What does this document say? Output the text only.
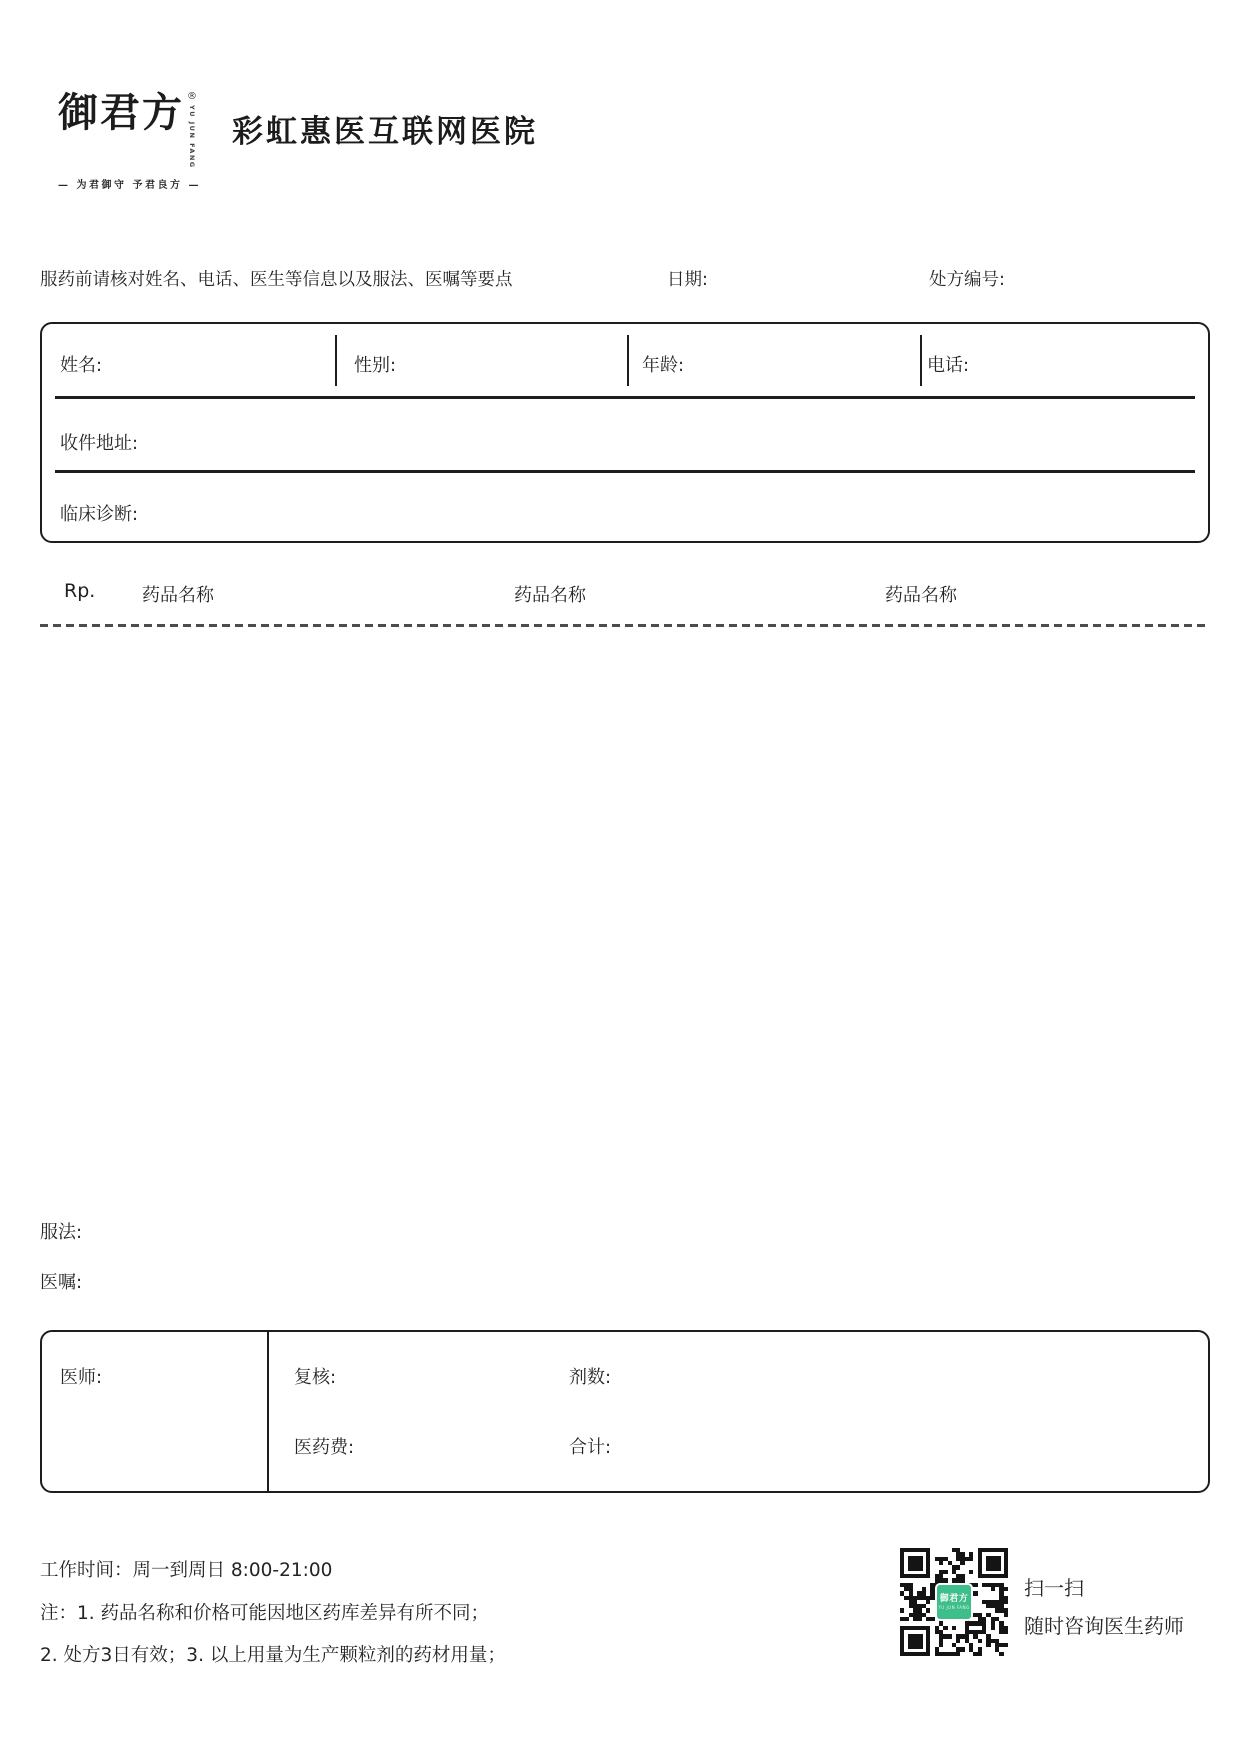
御君方 ®
YU JUN FANG
— 为君御守 予君良方 —
彩虹惠医互联网医院
服药前请核对姓名、电话、医生等信息以及服法、医嘱等要点	日期:	处方编号:
姓名:	性别:	年龄:	电话:
收件地址:
临床诊断:
Rp.	药品名称	药品名称	药品名称
服法:
医嘱:
医师:	复核:	剂数:
医药费:	合计:
工作时间：周一到周日 8:00-21:00
注：1. 药品名称和价格可能因地区药库差异有所不同；
2. 处方3日有效；3. 以上用量为生产颗粒剂的药材用量；
御君方
YU JUN FANG
扫一扫
随时咨询医生药师
